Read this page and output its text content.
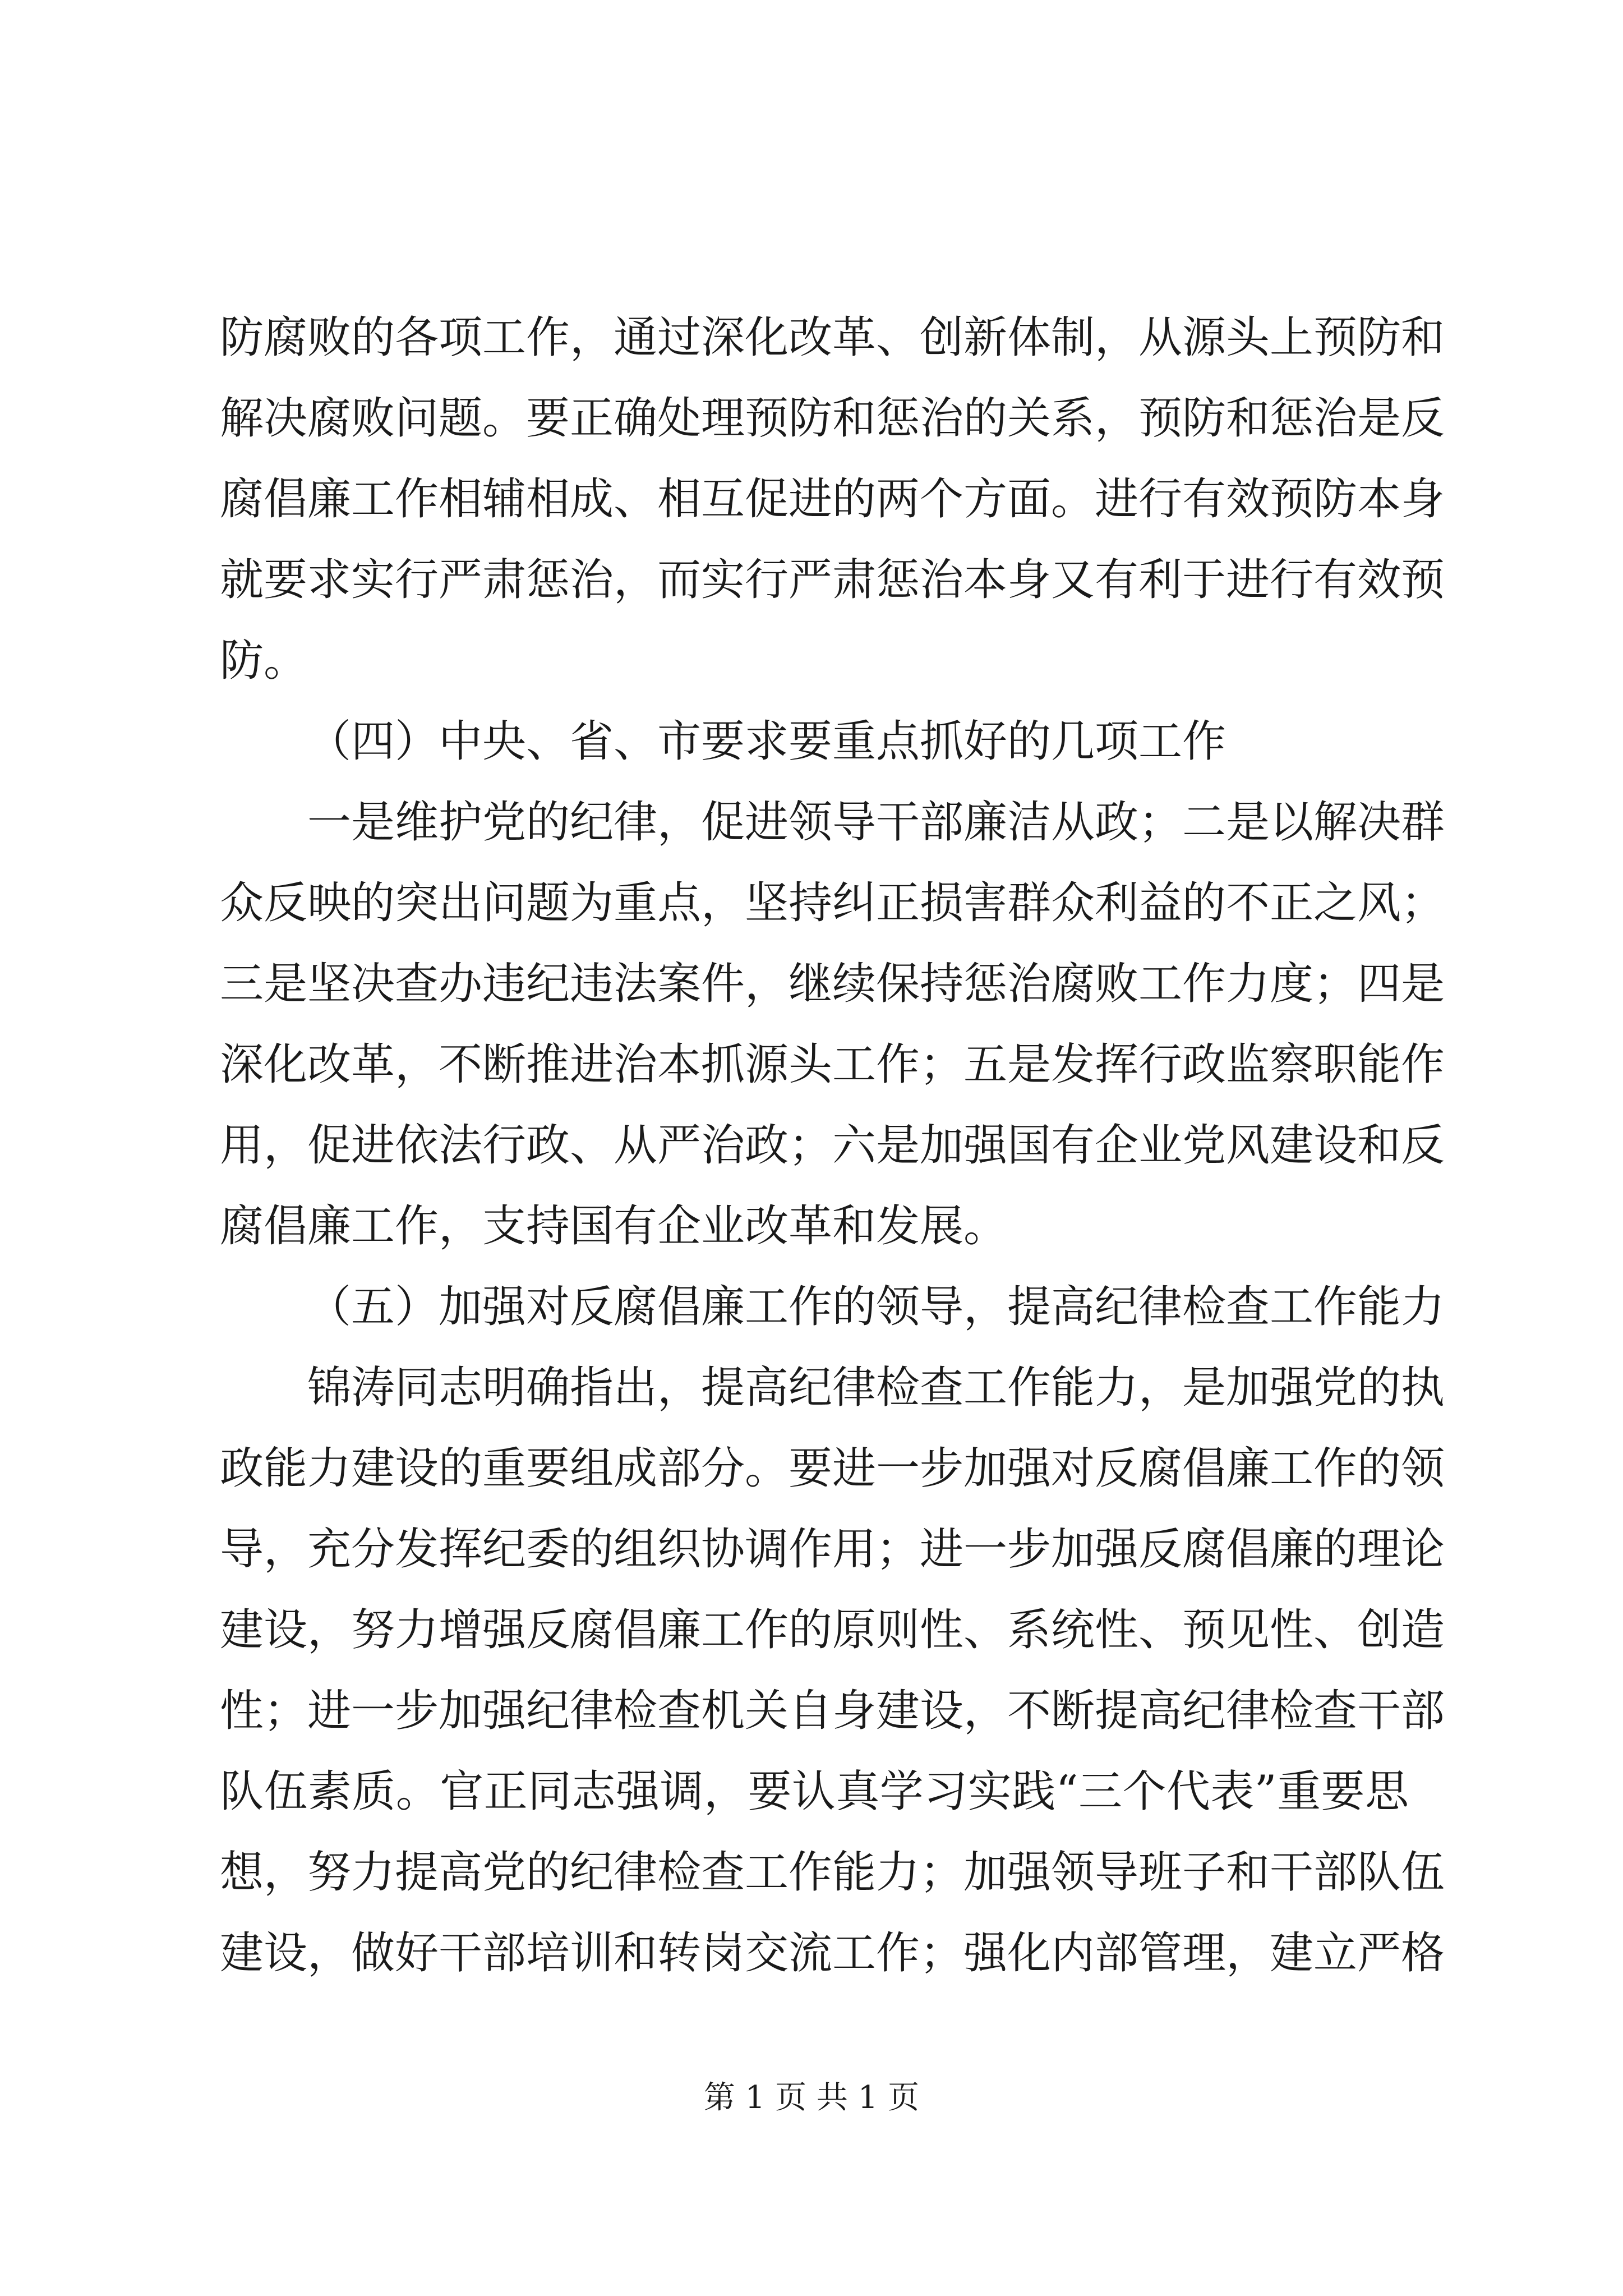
防腐败的各项工作，通过深化改革、创新体制，从源头上预防和
解决腐败问题。要正确处理预防和惩治的关系，预防和惩治是反
腐倡廉工作相辅相成、相互促进的两个方面。进行有效预防本身
就要求实行严肃惩治，而实行严肃惩治本身又有利于进行有效预
防。
（四）中央、省、市要求要重点抓好的几项工作
一是维护党的纪律，促进领导干部廉洁从政；二是以解决群
众反映的突出问题为重点，坚持纠正损害群众利益的不正之风；
三是坚决查办违纪违法案件，继续保持惩治腐败工作力度；四是
深化改革，不断推进治本抓源头工作；五是发挥行政监察职能作
用，促进依法行政、从严治政；六是加强国有企业党风建设和反
腐倡廉工作，支持国有企业改革和发展。
（五）加强对反腐倡廉工作的领导，提高纪律检查工作能力
锦涛同志明确指出，提高纪律检查工作能力，是加强党的执
政能力建设的重要组成部分。要进一步加强对反腐倡廉工作的领
导，充分发挥纪委的组织协调作用；进一步加强反腐倡廉的理论
建设，努力增强反腐倡廉工作的原则性、系统性、预见性、创造
性；进一步加强纪律检查机关自身建设，不断提高纪律检查干部
队伍素质。官正同志强调，要认真学习实践“三个代表”重要思
想，努力提高党的纪律检查工作能力；加强领导班子和干部队伍
建设，做好干部培训和转岗交流工作；强化内部管理，建立严格
第 1 页 共 1 页
